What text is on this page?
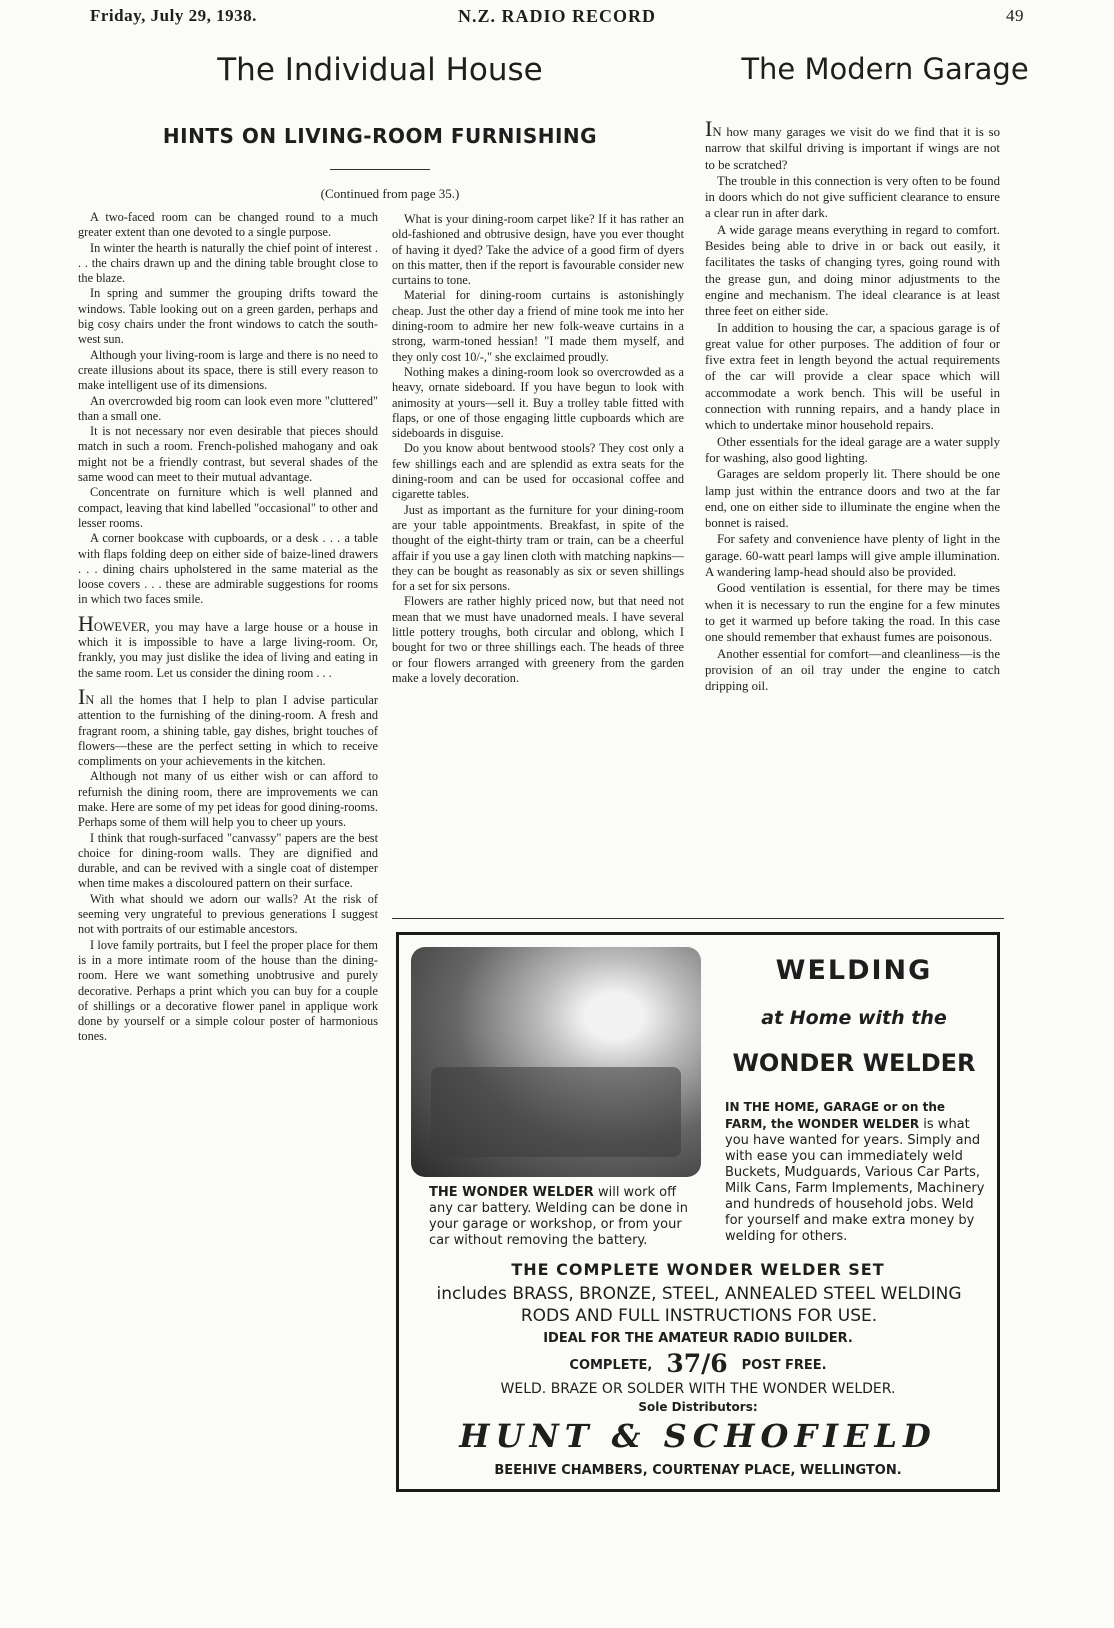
Friday, July 29, 1938.	N.Z. RADIO RECORD	49
The Individual House	The Modern Garage
HINTS ON LIVING-ROOM FURNISHING
(Continued from page 35.)

A two-faced room can be changed round to a much greater extent than one devoted to a single purpose.

In winter the hearth is naturally the chief point of interest . . . the chairs drawn up and the dining table brought close to the blaze.

In spring and summer the grouping drifts toward the windows. Table looking out on a green garden, perhaps and big cosy chairs under the front windows to catch the south-west sun.

Although your living-room is large and there is no need to create illusions about its space, there is still every reason to make intelligent use of its dimensions.

An overcrowded big room can look even more "cluttered" than a small one.

It is not necessary nor even desirable that pieces should match in such a room. French-polished mahogany and oak might not be a friendly contrast, but several shades of the same wood can meet to their mutual advantage.

Concentrate on furniture which is well planned and compact, leaving that kind labelled "occasional" to other and lesser rooms.

A corner bookcase with cupboards, or a desk . . . a table with flaps folding deep on either side of baize-lined drawers . . . dining chairs upholstered in the same material as the loose covers . . . these are admirable suggestions for rooms in which two faces smile.

HOWEVER, you may have a large house or a house in which it is impossible to have a large living-room. Or, frankly, you may just dislike the idea of living and eating in the same room. Let us consider the dining room . . .

IN all the homes that I help to plan I advise particular attention to the furnishing of the dining-room. A fresh and fragrant room, a shining table, gay dishes, bright touches of flowers—these are the perfect setting in which to receive compliments on your achievements in the kitchen.

Although not many of us either wish or can afford to refurnish the dining room, there are improvements we can make. Here are some of my pet ideas for good dining-rooms. Perhaps some of them will help you to cheer up yours.

I think that rough-surfaced "canvassy" papers are the best choice for dining-room walls. They are dignified and durable, and can be revived with a single coat of distemper when time makes a discoloured pattern on their surface.

With what should we adorn our walls? At the risk of seeming very ungrateful to previous generations I suggest not with portraits of our estimable ancestors.

I love family portraits, but I feel the proper place for them is in a more intimate room of the house than the dining-room. Here we want something unobtrusive and purely decorative. Perhaps a print which you can buy for a couple of shillings or a decorative flower panel in applique work done by yourself or a simple colour poster of harmonious tones.

What is your dining-room carpet like? If it has rather an old-fashioned and obtrusive design, have you ever thought of having it dyed? Take the advice of a good firm of dyers on this matter, then if the report is favourable consider new curtains to tone.

Material for dining-room curtains is astonishingly cheap. Just the other day a friend of mine took me into her dining-room to admire her new folk-weave curtains in a strong, warm-toned hessian! "I made them myself, and they only cost 10/-," she exclaimed proudly.

Nothing makes a dining-room look so overcrowded as a heavy, ornate sideboard. If you have begun to look with animosity at yours—sell it. Buy a trolley table fitted with flaps, or one of those engaging little cupboards which are sideboards in disguise.

Do you know about bentwood stools? They cost only a few shillings each and are splendid as extra seats for the dining-room and can be used for occasional coffee and cigarette tables.

Just as important as the furniture for your dining-room are your table appointments. Breakfast, in spite of the thought of the eight-thirty tram or train, can be a cheerful affair if you use a gay linen cloth with matching napkins—they can be bought as reasonably as six or seven shillings for a set for six persons.

Flowers are rather highly priced now, but that need not mean that we must have unadorned meals. I have several little pottery troughs, both circular and oblong, which I bought for two or three shillings each. The heads of three or four flowers arranged with greenery from the garden make a lovely decoration.

IN how many garages we visit do we find that it is so narrow that skilful driving is important if wings are not to be scratched?

The trouble in this connection is very often to be found in doors which do not give sufficient clearance to ensure a clear run in after dark.

A wide garage means everything in regard to comfort. Besides being able to drive in or back out easily, it facilitates the tasks of changing tyres, going round with the grease gun, and doing minor adjustments to the engine and mechanism. The ideal clearance is at least three feet on either side.

In addition to housing the car, a spacious garage is of great value for other purposes. The addition of four or five extra feet in length beyond the actual requirements of the car will provide a clear space which will accommodate a work bench. This will be useful in connection with running repairs, and a handy place in which to undertake minor household repairs.

Other essentials for the ideal garage are a water supply for washing, also good lighting.

Garages are seldom properly lit. There should be one lamp just within the entrance doors and two at the far end, one on either side to illuminate the engine when the bonnet is raised.

For safety and convenience have plenty of light in the garage. 60-watt pearl lamps will give ample illumination. A wandering lamp-head should also be provided.

Good ventilation is essential, for there may be times when it is necessary to run the engine for a few minutes to get it warmed up before taking the road. In this case one should remember that exhaust fumes are poisonous.

Another essential for comfort—and cleanliness—is the provision of an oil tray under the engine to catch dripping oil.

THE WONDER WELDER will work off any car battery. Welding can be done in your garage or workshop, or from your car without removing the battery.
WELDING
at Home with the
WONDER WELDER
IN THE HOME, GARAGE or on the FARM, the WONDER WELDER is what you have wanted for years. Simply and with ease you can immediately weld Buckets, Mudguards, Various Car Parts, Milk Cans, Farm Implements, Machinery and hundreds of household jobs. Weld for yourself and make extra money by welding for others.
THE COMPLETE WONDER WELDER SET
includes BRASS, BRONZE, STEEL, ANNEALED STEEL WELDING RODS AND FULL INSTRUCTIONS FOR USE.
IDEAL FOR THE AMATEUR RADIO BUILDER.
COMPLETE, 37/6 POST FREE.
WELD. BRAZE OR SOLDER WITH THE WONDER WELDER.
Sole Distributors:
HUNT & SCHOFIELD
BEEHIVE CHAMBERS, COURTENAY PLACE, WELLINGTON.
